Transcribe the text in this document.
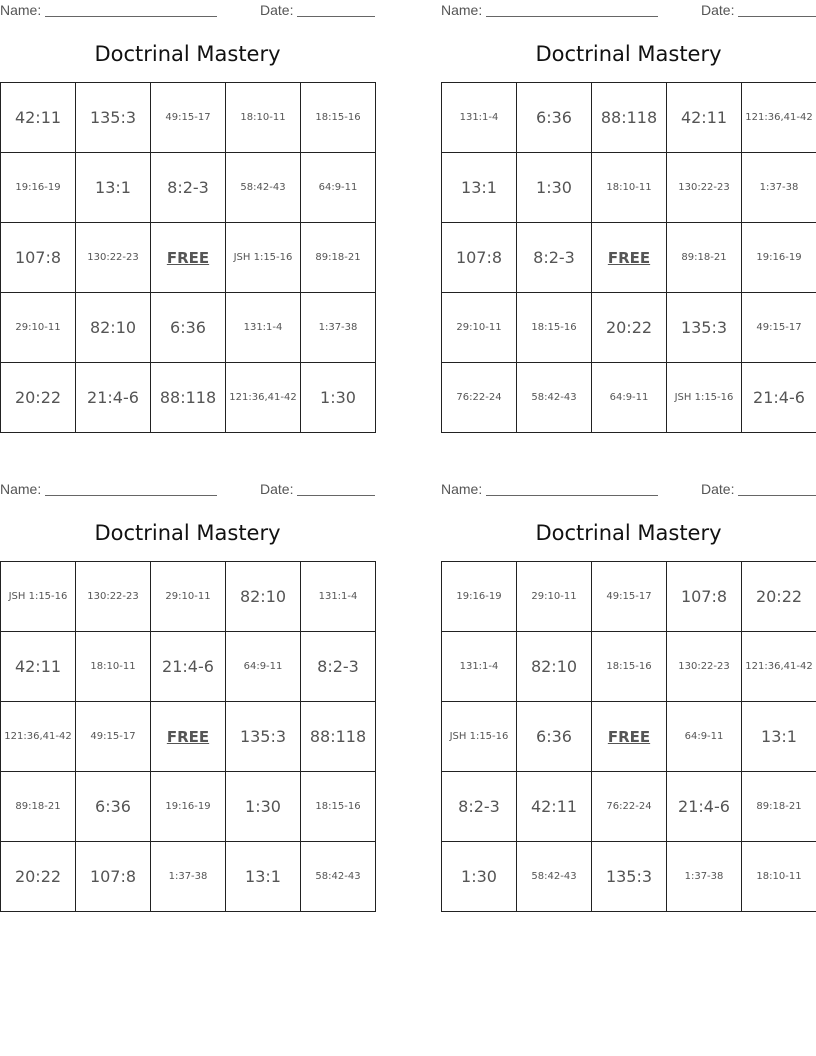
Name:	Date:
Doctrinal Mastery
42:11	135:3	49:15-17	18:10-11	18:15-16
19:16-19	13:1	8:2-3	58:42-43	64:9-11
107:8	130:22-23	FREE	JSH 1:15-16	89:18-21
29:10-11	82:10	6:36	131:1-4	1:37-38
20:22	21:4-6	88:118	121:36,41-42	1:30
Name:	Date:
Doctrinal Mastery
131:1-4	6:36	88:118	42:11	121:36,41-42
13:1	1:30	18:10-11	130:22-23	1:37-38
107:8	8:2-3	FREE	89:18-21	19:16-19
29:10-11	18:15-16	20:22	135:3	49:15-17
76:22-24	58:42-43	64:9-11	JSH 1:15-16	21:4-6
Name:	Date:
Doctrinal Mastery
JSH 1:15-16	130:22-23	29:10-11	82:10	131:1-4
42:11	18:10-11	21:4-6	64:9-11	8:2-3
121:36,41-42	49:15-17	FREE	135:3	88:118
89:18-21	6:36	19:16-19	1:30	18:15-16
20:22	107:8	1:37-38	13:1	58:42-43
Name:	Date:
Doctrinal Mastery
19:16-19	29:10-11	49:15-17	107:8	20:22
131:1-4	82:10	18:15-16	130:22-23	121:36,41-42
JSH 1:15-16	6:36	FREE	64:9-11	13:1
8:2-3	42:11	76:22-24	21:4-6	89:18-21
1:30	58:42-43	135:3	1:37-38	18:10-11
